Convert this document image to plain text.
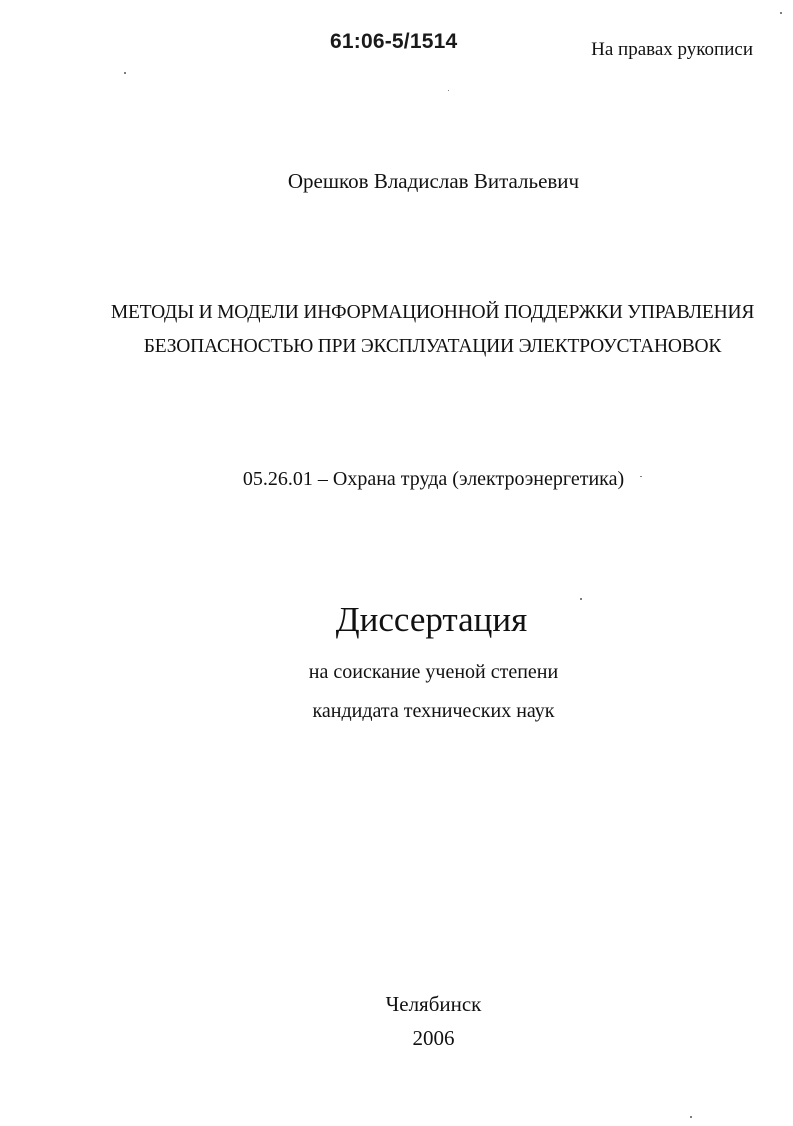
61:06-5/1514	На правах рукописи
Орешков Владислав Витальевич
МЕТОДЫ И МОДЕЛИ ИНФОРМАЦИОННОЙ ПОДДЕРЖКИ УПРАВЛЕНИЯ
БЕЗОПАСНОСТЬЮ ПРИ ЭКСПЛУАТАЦИИ ЭЛЕКТРОУСТАНОВОК
05.26.01 – Охрана труда (электроэнергетика)
Диссертация
на соискание ученой степени
кандидата технических наук
Челябинск
2006
